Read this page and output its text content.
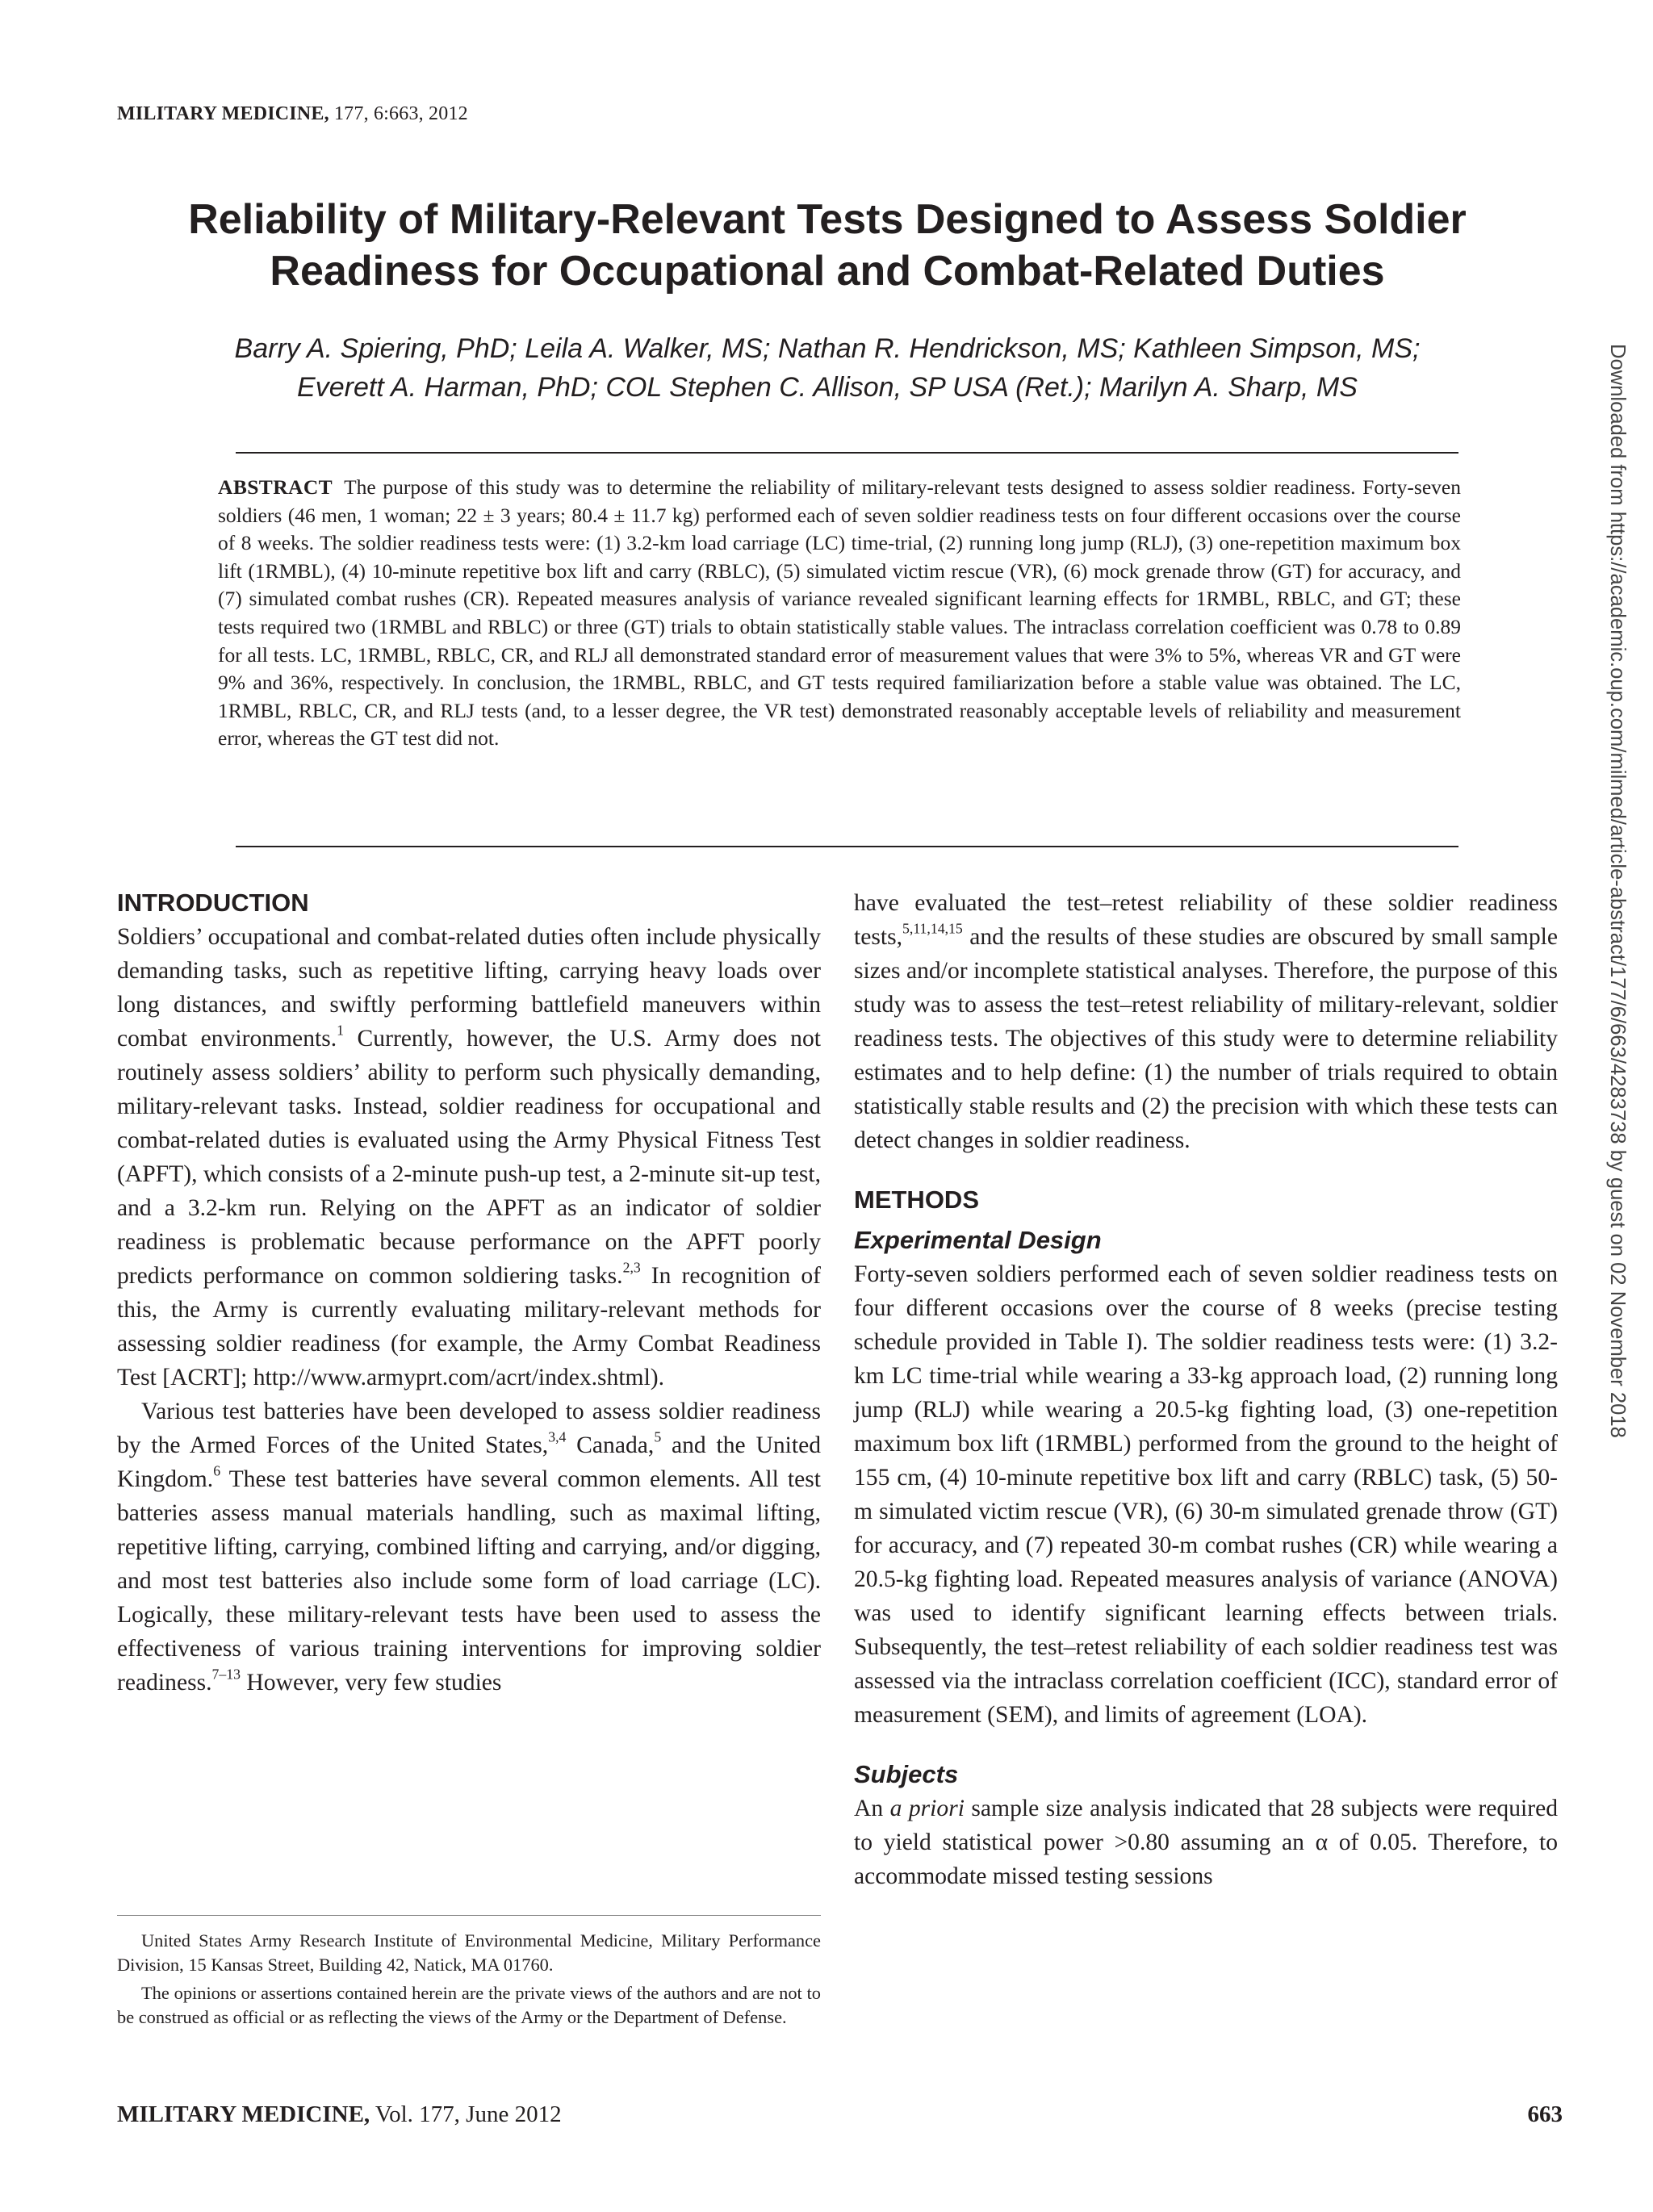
MILITARY MEDICINE, 177, 6:663, 2012
Reliability of Military-Relevant Tests Designed to Assess Soldier
Readiness for Occupational and Combat-Related Duties

Barry A. Spiering, PhD; Leila A. Walker, MS; Nathan R. Hendrickson, MS; Kathleen Simpson, MS;
Everett A. Harman, PhD; COL Stephen C. Allison, SP USA (Ret.); Marilyn A. Sharp, MS

ABSTRACT The purpose of this study was to determine the reliability of military-relevant tests designed to assess soldier readiness. Forty-seven soldiers (46 men, 1 woman; 22 ± 3 years; 80.4 ± 11.7 kg) performed each of seven soldier readiness tests on four different occasions over the course of 8 weeks. The soldier readiness tests were: (1) 3.2-km load carriage (LC) time-trial, (2) running long jump (RLJ), (3) one-repetition maximum box lift (1RMBL), (4) 10-minute repetitive box lift and carry (RBLC), (5) simulated victim rescue (VR), (6) mock grenade throw (GT) for accuracy, and (7) simulated combat rushes (CR). Repeated measures analysis of variance revealed significant learning effects for 1RMBL, RBLC, and GT; these tests required two (1RMBL and RBLC) or three (GT) trials to obtain statistically stable values. The intraclass correlation coefficient was 0.78 to 0.89 for all tests. LC, 1RMBL, RBLC, CR, and RLJ all demonstrated standard error of measurement values that were 3% to 5%, whereas VR and GT were 9% and 36%, respectively. In conclusion, the 1RMBL, RBLC, and GT tests required familiarization before a stable value was obtained. The LC, 1RMBL, RBLC, CR, and RLJ tests (and, to a lesser degree, the VR test) demonstrated reasonably acceptable levels of reliability and measurement error, whereas the GT test did not.

INTRODUCTION

Soldiers’ occupational and combat-related duties often include physically demanding tasks, such as repetitive lifting, carrying heavy loads over long distances, and swiftly performing battlefield maneuvers within combat environments.$^1$ Currently, however, the U.S. Army does not routinely assess soldiers’ ability to perform such physically demanding, military-relevant tasks. Instead, soldier readiness for occupational and combat-related duties is evaluated using the Army Physical Fitness Test (APFT), which consists of a 2-minute push-up test, a 2-minute sit-up test, and a 3.2-km run. Relying on the APFT as an indicator of soldier readiness is problematic because performance on the APFT poorly predicts performance on common soldiering tasks.$^{2,3}$ In recognition of this, the Army is currently evaluating military-relevant methods for assessing soldier readiness (for example, the Army Combat Readiness Test [ACRT]; http://www.armyprt.com/acrt/index.shtml).

Various test batteries have been developed to assess soldier readiness by the Armed Forces of the United States,$^{3,4}$ Canada,$^5$ and the United Kingdom.$^6$ These test batteries have several common elements. All test batteries assess manual materials handling, such as maximal lifting, repetitive lifting, carrying, combined lifting and carrying, and/or digging, and most test batteries also include some form of load carriage (LC). Logically, these military-relevant tests have been used to assess the effectiveness of various training interventions for improving soldier readiness.$^{7-13}$ However, very few studies

have evaluated the test–retest reliability of these soldier readiness tests,$^{5,11,14,15}$ and the results of these studies are obscured by small sample sizes and/or incomplete statistical analyses. Therefore, the purpose of this study was to assess the test–retest reliability of military-relevant, soldier readiness tests. The objectives of this study were to determine reliability estimates and to help define: (1) the number of trials required to obtain statistically stable results and (2) the precision with which these tests can detect changes in soldier readiness.

METHODS
Experimental Design

Forty-seven soldiers performed each of seven soldier readiness tests on four different occasions over the course of 8 weeks (precise testing schedule provided in Table I). The soldier readiness tests were: (1) 3.2-km LC time-trial while wearing a 33-kg approach load, (2) running long jump (RLJ) while wearing a 20.5-kg fighting load, (3) one-repetition maximum box lift (1RMBL) performed from the ground to the height of 155 cm, (4) 10-minute repetitive box lift and carry (RBLC) task, (5) 50-m simulated victim rescue (VR), (6) 30-m simulated grenade throw (GT) for accuracy, and (7) repeated 30-m combat rushes (CR) while wearing a 20.5-kg fighting load. Repeated measures analysis of variance (ANOVA) was used to identify significant learning effects between trials. Subsequently, the test–retest reliability of each soldier readiness test was assessed via the intraclass correlation coefficient (ICC), standard error of measurement (SEM), and limits of agreement (LOA).

Subjects

An a priori sample size analysis indicated that 28 subjects were required to yield statistical power >0.80 assuming an α of 0.05. Therefore, to accommodate missed testing sessions

United States Army Research Institute of Environmental Medicine, Military Performance Division, 15 Kansas Street, Building 42, Natick, MA 01760.

The opinions or assertions contained herein are the private views of the authors and are not to be construed as official or as reflecting the views of the Army or the Department of Defense.

MILITARY MEDICINE, Vol. 177, June 2012	663
Downloaded from https://academic.oup.com/milmed/article-abstract/177/6/663/4283738 by guest on 02 November 2018
